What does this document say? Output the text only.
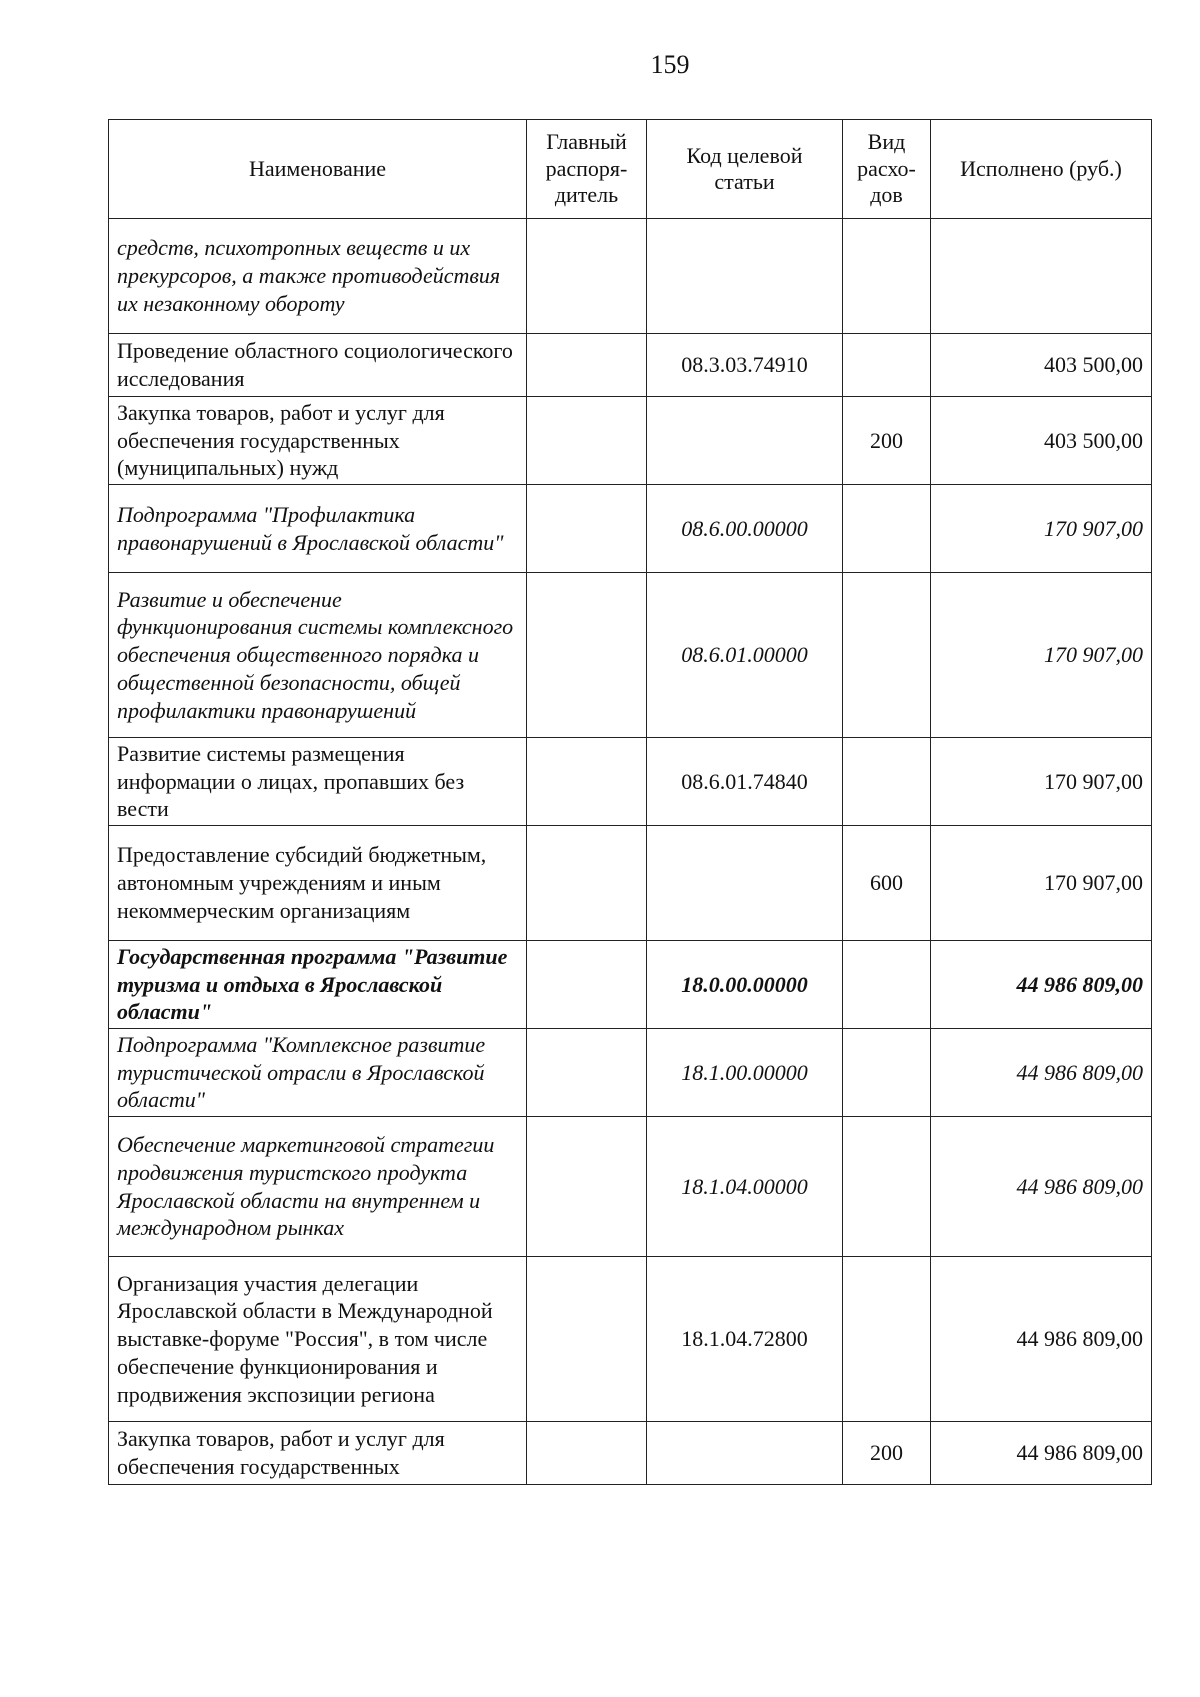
159
Наименование	Главный распоря-дитель	Код целевой статьи	Вид расхо-дов	Исполнено (руб.)
средств, психотропных веществ и их прекурсоров, а также противодействия их незаконному обороту				
Проведение областного социологического исследования		08.3.03.74910		403 500,00
Закупка товаров, работ и услуг для обеспечения государственных (муниципальных) нужд			200	403 500,00
Подпрограмма "Профилактика правонарушений в Ярославской области"		08.6.00.00000		170 907,00
Развитие и обеспечение функционирования системы комплексного обеспечения общественного порядка и общественной безопасности, общей профилактики правонарушений		08.6.01.00000		170 907,00
Развитие системы размещения информации о лицах, пропавших без вести		08.6.01.74840		170 907,00
Предоставление субсидий бюджетным, автономным учреждениям и иным некоммерческим организациям			600	170 907,00
Государственная программа "Развитие туризма и отдыха в Ярославской области"		18.0.00.00000		44 986 809,00
Подпрограмма "Комплексное развитие туристической отрасли в Ярославской области"		18.1.00.00000		44 986 809,00
Обеспечение маркетинговой стратегии продвижения туристского продукта Ярославской области на внутреннем и международном рынках		18.1.04.00000		44 986 809,00
Организация участия делегации Ярославской области в Международной выставке-форуме "Россия", в том числе обеспечение функционирования и продвижения экспозиции региона		18.1.04.72800		44 986 809,00
Закупка товаров, работ и услуг для обеспечения государственных			200	44 986 809,00
